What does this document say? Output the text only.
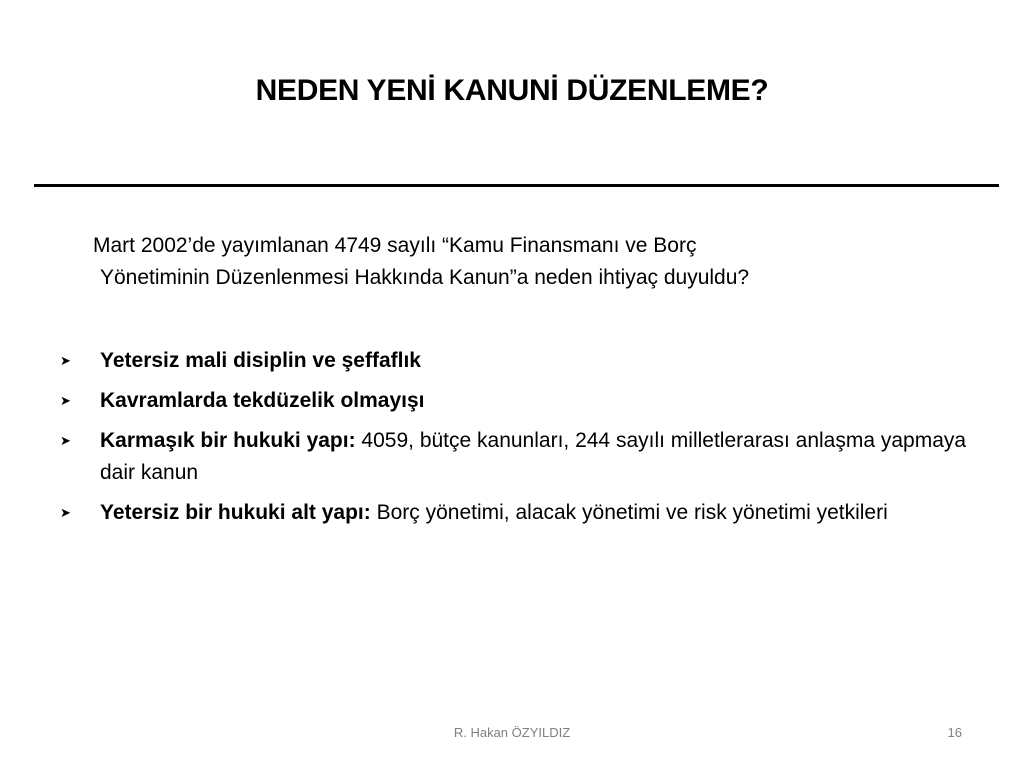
NEDEN YENİ KANUNİ DÜZENLEME?
Mart 2002’de yayımlanan 4749 sayılı “Kamu Finansmanı ve Borç
Yönetiminin Düzenlenmesi Hakkında Kanun”a neden ihtiyaç duyuldu?
➤	Yetersiz mali disiplin ve şeffaflık
➤	Kavramlarda tekdüzelik olmayışı
➤	Karmaşık bir hukuki yapı: 4059, bütçe kanunları, 244 sayılı milletlerarası anlaşma yapmaya dair kanun
➤	Yetersiz bir hukuki alt yapı: Borç yönetimi, alacak yönetimi ve risk yönetimi yetkileri
R. Hakan ÖZYILDIZ	16
